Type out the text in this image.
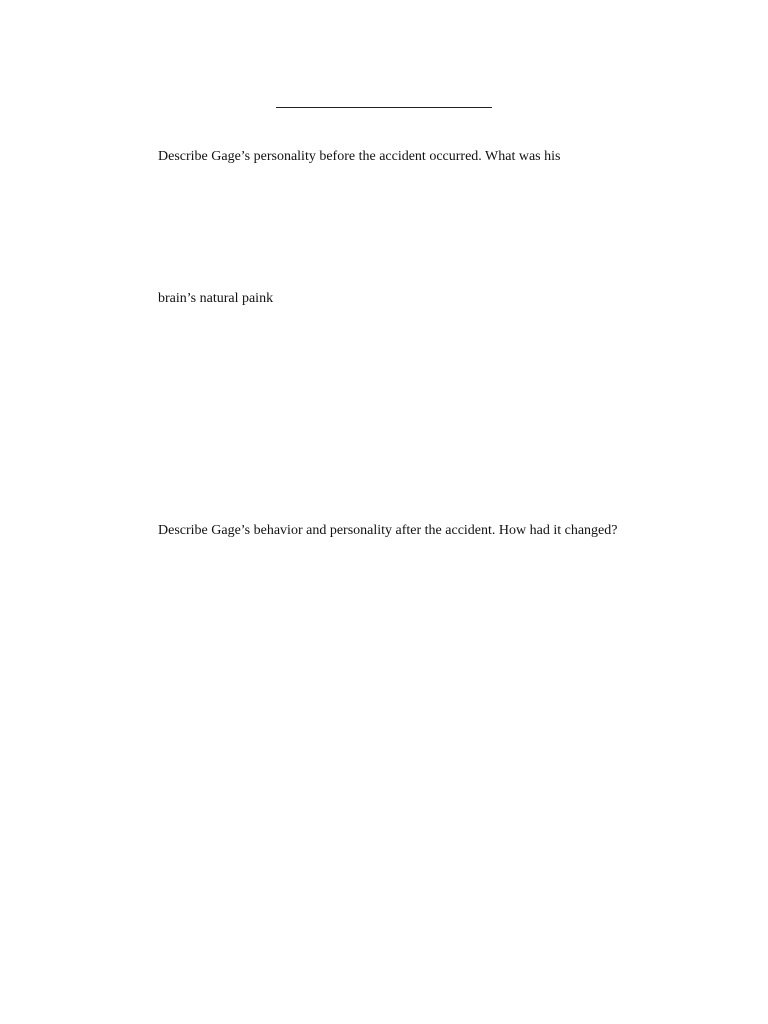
Describe Gage’s personality before the accident occurred. What was his

brain’s natural paink

Describe Gage’s behavior and personality after the accident. How had it changed?
